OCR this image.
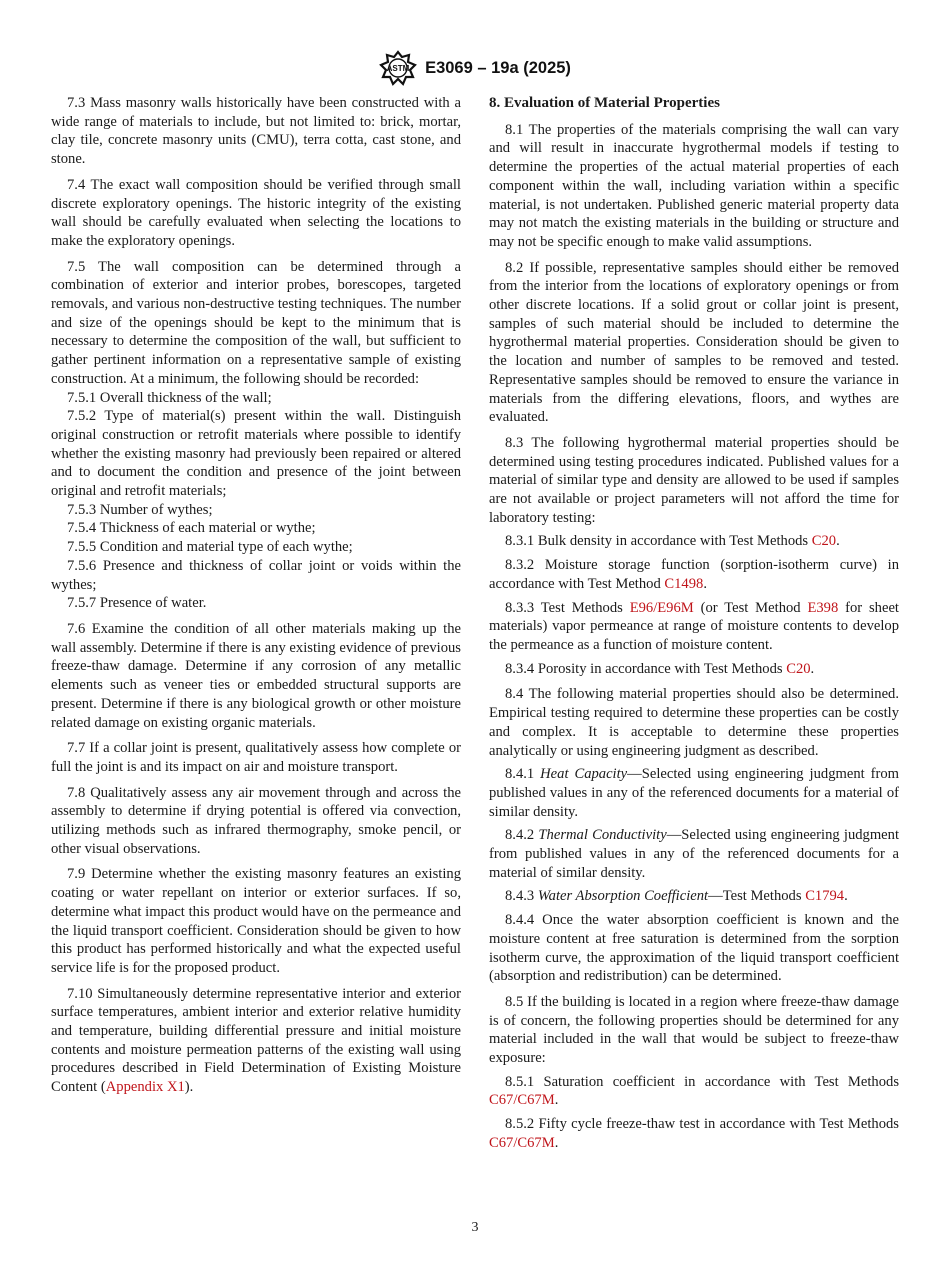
ASTM E3069 – 19a (2025)

7.3 Mass masonry walls historically have been constructed with a wide range of materials to include, but not limited to: brick, mortar, clay tile, concrete masonry units (CMU), terra cotta, cast stone, and stone.

7.4 The exact wall composition should be verified through small discrete exploratory openings. The historic integrity of the existing wall should be carefully evaluated when selecting the locations to make the exploratory openings.

7.5 The wall composition can be determined through a combination of exterior and interior probes, borescopes, targeted removals, and various non-destructive testing techniques. The number and size of the openings should be kept to the minimum that is necessary to determine the composition of the wall, but sufficient to gather pertinent information on a representative sample of existing construction. At a minimum, the following should be recorded:

7.5.1 Overall thickness of the wall;

7.5.2 Type of material(s) present within the wall. Distinguish original construction or retrofit materials where possible to identify whether the existing masonry had previously been repaired or altered and to document the condition and presence of the joint between original and retrofit materials;

7.5.3 Number of wythes;

7.5.4 Thickness of each material or wythe;

7.5.5 Condition and material type of each wythe;

7.5.6 Presence and thickness of collar joint or voids within the wythes;

7.5.7 Presence of water.

7.6 Examine the condition of all other materials making up the wall assembly. Determine if there is any existing evidence of previous freeze-thaw damage. Determine if any corrosion of any metallic elements such as veneer ties or embedded structural supports are present. Determine if there is any biological growth or other moisture related damage on existing organic materials.

7.7 If a collar joint is present, qualitatively assess how complete or full the joint is and its impact on air and moisture transport.

7.8 Qualitatively assess any air movement through and across the assembly to determine if drying potential is offered via convection, utilizing methods such as infrared thermography, smoke pencil, or other visual observations.

7.9 Determine whether the existing masonry features an existing coating or water repellant on interior or exterior surfaces. If so, determine what impact this product would have on the permeance and the liquid transport coefficient. Consideration should be given to how this product has performed historically and what the expected useful service life is for the proposed product.

7.10 Simultaneously determine representative interior and exterior surface temperatures, ambient interior and exterior relative humidity and temperature, building differential pressure and initial moisture contents and moisture permeation patterns of the existing wall using procedures described in Field Determination of Existing Moisture Content (Appendix X1).

8. Evaluation of Material Properties

8.1 The properties of the materials comprising the wall can vary and will result in inaccurate hygrothermal models if testing to determine the properties of the actual material properties of each component within the wall, including variation within a specific material, is not undertaken. Published generic material property data may not match the existing materials in the building or structure and may not be specific enough to make valid assumptions.

8.2 If possible, representative samples should either be removed from the interior from the locations of exploratory openings or from other discrete locations. If a solid grout or collar joint is present, samples of such material should be included to determine the hygrothermal material properties. Consideration should be given to the location and number of samples to be removed and tested. Representative samples should be removed to ensure the variance in materials from the differing elevations, floors, and wythes are evaluated.

8.3 The following hygrothermal material properties should be determined using testing procedures indicated. Published values for a material of similar type and density are allowed to be used if samples are not available or project parameters will not afford the time for laboratory testing:

8.3.1 Bulk density in accordance with Test Methods C20.

8.3.2 Moisture storage function (sorption-isotherm curve) in accordance with Test Method C1498.

8.3.3 Test Methods E96/E96M (or Test Method E398 for sheet materials) vapor permeance at range of moisture contents to develop the permeance as a function of moisture content.

8.3.4 Porosity in accordance with Test Methods C20.

8.4 The following material properties should also be determined. Empirical testing required to determine these properties can be costly and complex. It is acceptable to determine these properties analytically or using engineering judgment as described.

8.4.1 Heat Capacity—Selected using engineering judgment from published values in any of the referenced documents for a material of similar density.

8.4.2 Thermal Conductivity—Selected using engineering judgment from published values in any of the referenced documents for a material of similar density.

8.4.3 Water Absorption Coefficient—Test Methods C1794.

8.4.4 Once the water absorption coefficient is known and the moisture content at free saturation is determined from the sorption isotherm curve, the approximation of the liquid transport coefficient (absorption and redistribution) can be determined.

8.5 If the building is located in a region where freeze-thaw damage is of concern, the following properties should be determined for any material included in the wall that would be subject to freeze-thaw exposure:

8.5.1 Saturation coefficient in accordance with Test Methods C67/C67M.

8.5.2 Fifty cycle freeze-thaw test in accordance with Test Methods C67/C67M.

3
